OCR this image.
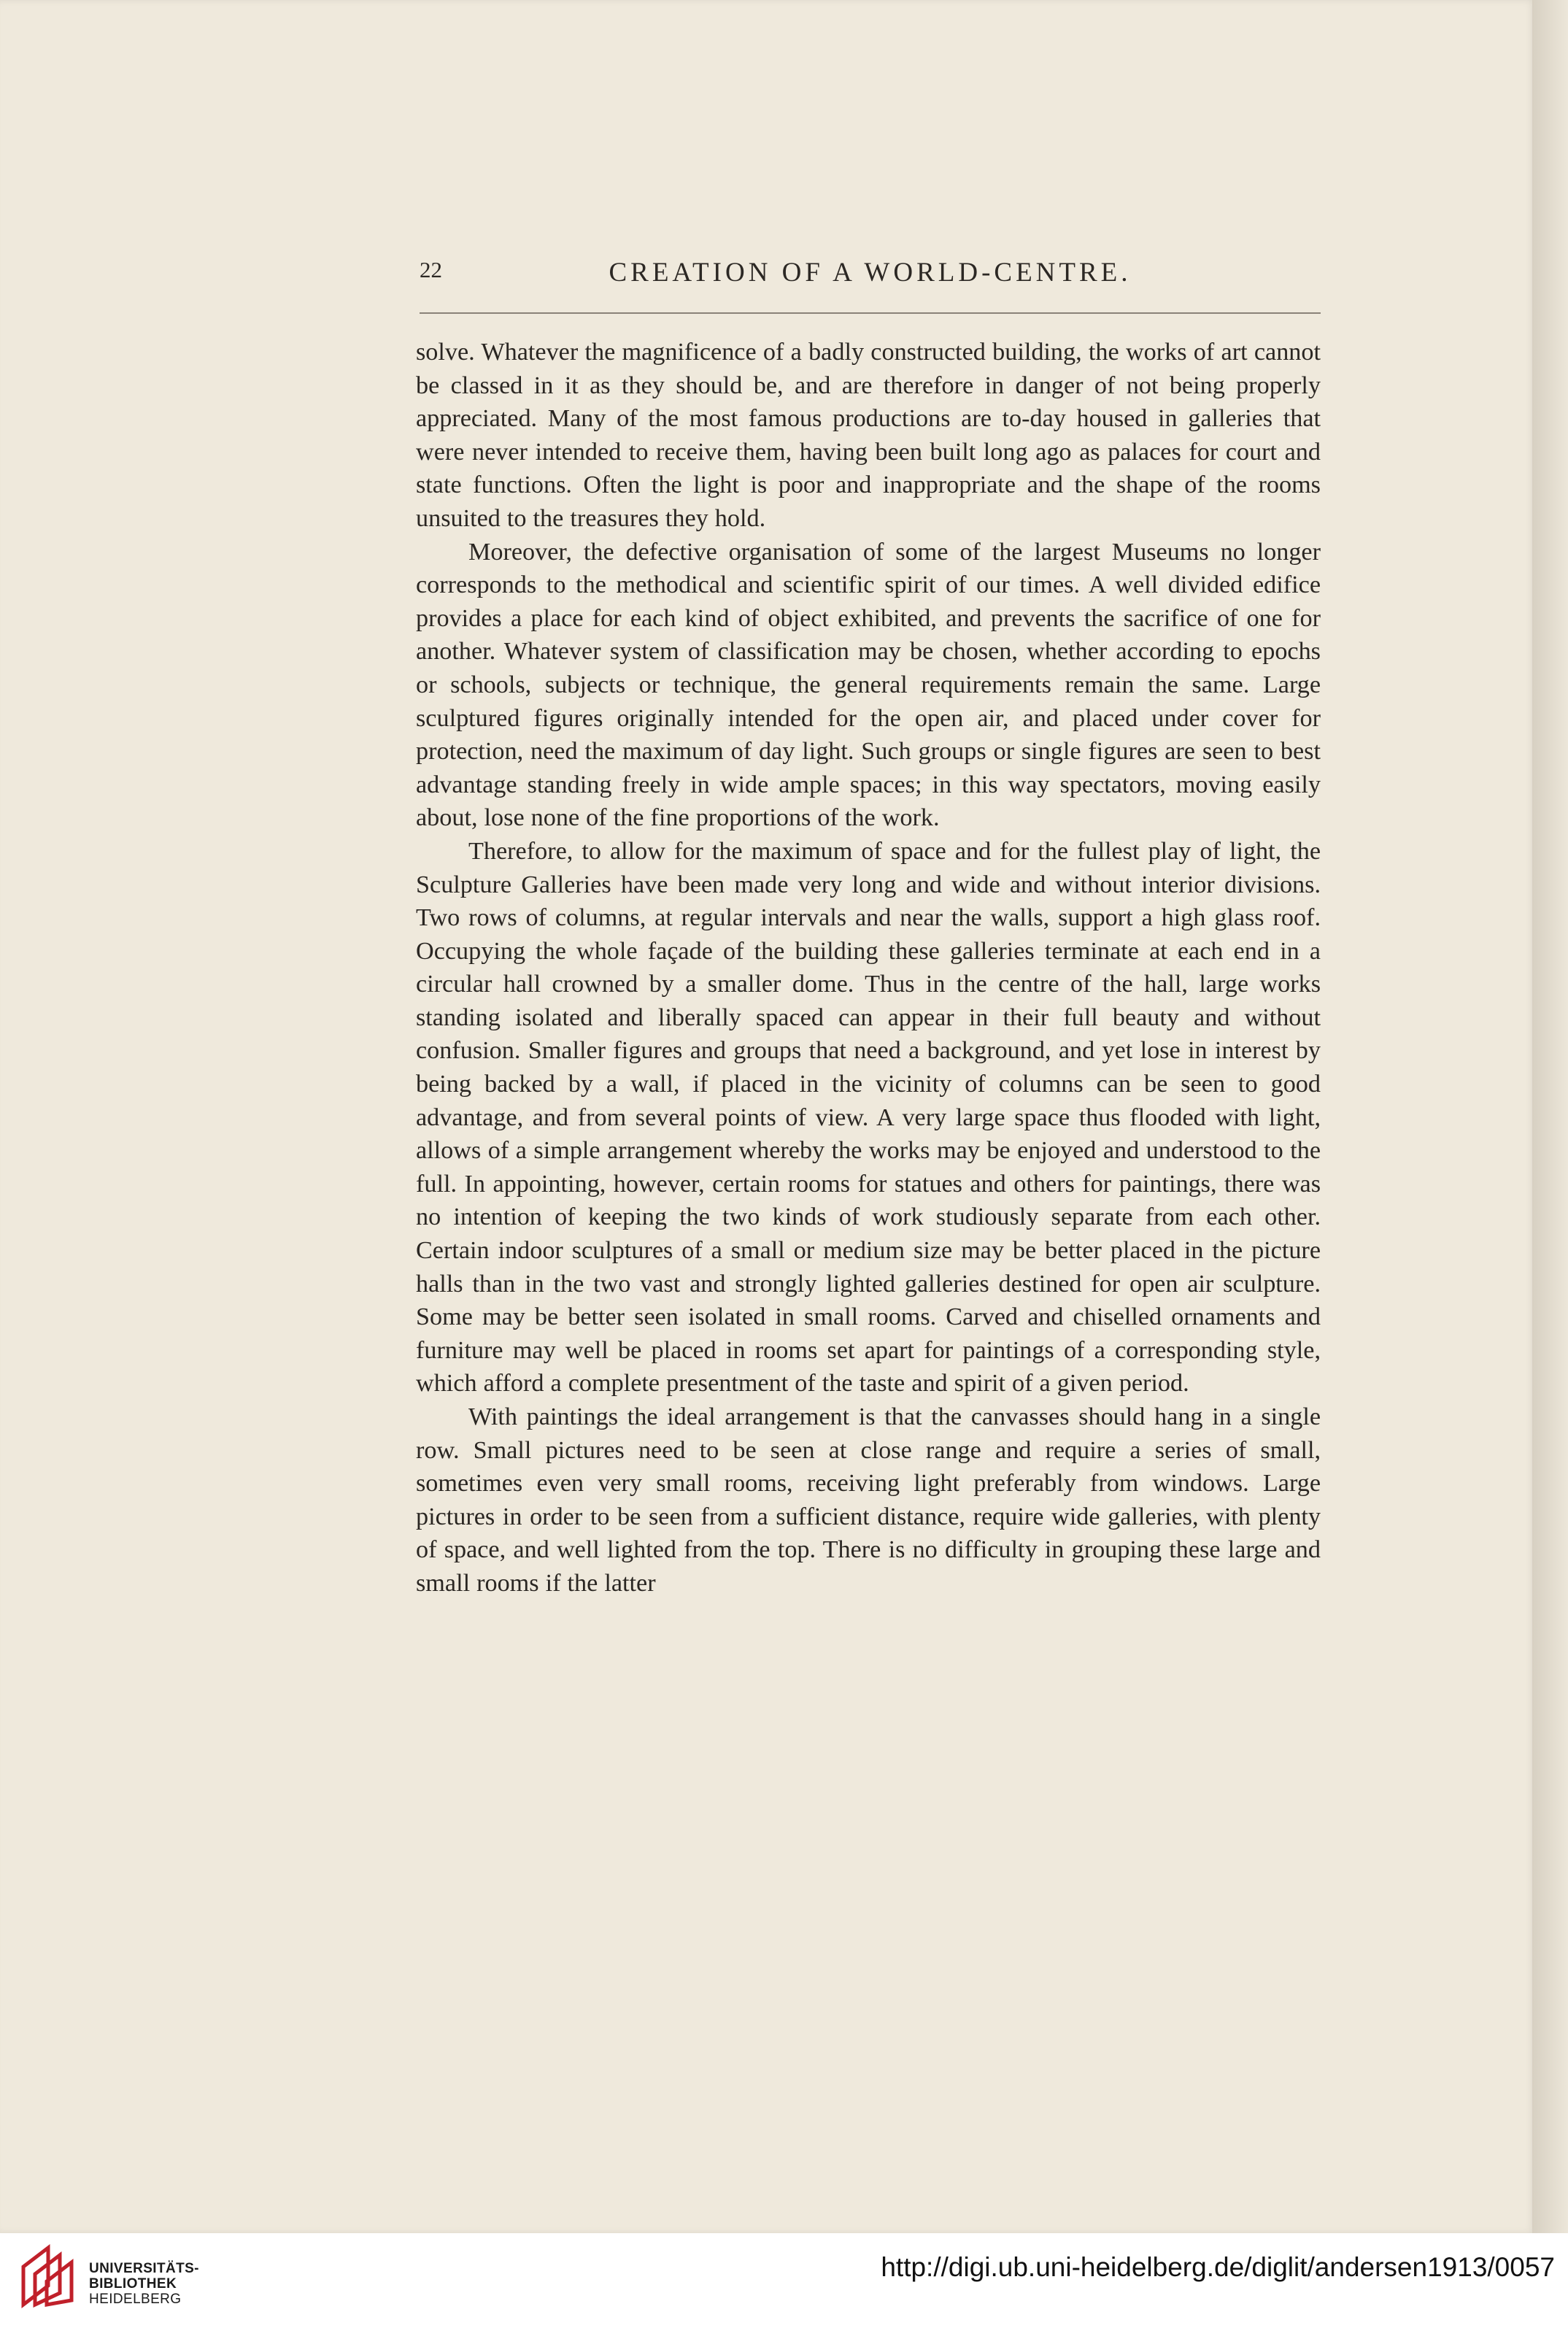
22	CREATION OF A WORLD-CENTRE.

solve. Whatever the magnificence of a badly constructed building, the works of art cannot be classed in it as they should be, and are therefore in danger of not being properly appreciated. Many of the most famous productions are to-day housed in galleries that were never intended to receive them, having been built long ago as palaces for court and state functions. Often the light is poor and inappropriate and the shape of the rooms unsuited to the treasures they hold.

Moreover, the defective organisation of some of the largest Museums no longer corresponds to the methodical and scientific spirit of our times. A well divided edifice provides a place for each kind of object exhibited, and prevents the sacrifice of one for another. Whatever system of classification may be chosen, whether according to epochs or schools, subjects or technique, the general requirements remain the same. Large sculptured figures originally intended for the open air, and placed under cover for protection, need the maximum of day light. Such groups or single figures are seen to best advantage standing freely in wide ample spaces; in this way spectators, moving easily about, lose none of the fine proportions of the work.

Therefore, to allow for the maximum of space and for the fullest play of light, the Sculpture Galleries have been made very long and wide and without interior divisions. Two rows of columns, at regular intervals and near the walls, support a high glass roof. Occupying the whole façade of the building these galleries terminate at each end in a circular hall crowned by a smaller dome. Thus in the centre of the hall, large works standing isolated and liberally spaced can appear in their full beauty and without confusion. Smaller figures and groups that need a background, and yet lose in interest by being backed by a wall, if placed in the vicinity of columns can be seen to good advantage, and from several points of view. A very large space thus flooded with light, allows of a simple arrangement whereby the works may be enjoyed and understood to the full. In appointing, however, certain rooms for statues and others for paintings, there was no intention of keeping the two kinds of work studiously separate from each other. Certain indoor sculptures of a small or medium size may be better placed in the picture halls than in the two vast and strongly lighted galleries destined for open air sculpture. Some may be better seen isolated in small rooms. Carved and chiselled ornaments and furniture may well be placed in rooms set apart for paintings of a corresponding style, which afford a complete presentment of the taste and spirit of a given period.

With paintings the ideal arrangement is that the canvasses should hang in a single row. Small pictures need to be seen at close range and require a series of small, sometimes even very small rooms, receiving light preferably from windows. Large pictures in order to be seen from a sufficient distance, require wide galleries, with plenty of space, and well lighted from the top. There is no difficulty in grouping these large and small rooms if the latter

UNIVERSITÄTS-
BIBLIOTHEK
HEIDELBERG
http://digi.ub.uni-heidelberg.de/diglit/andersen1913/0057
